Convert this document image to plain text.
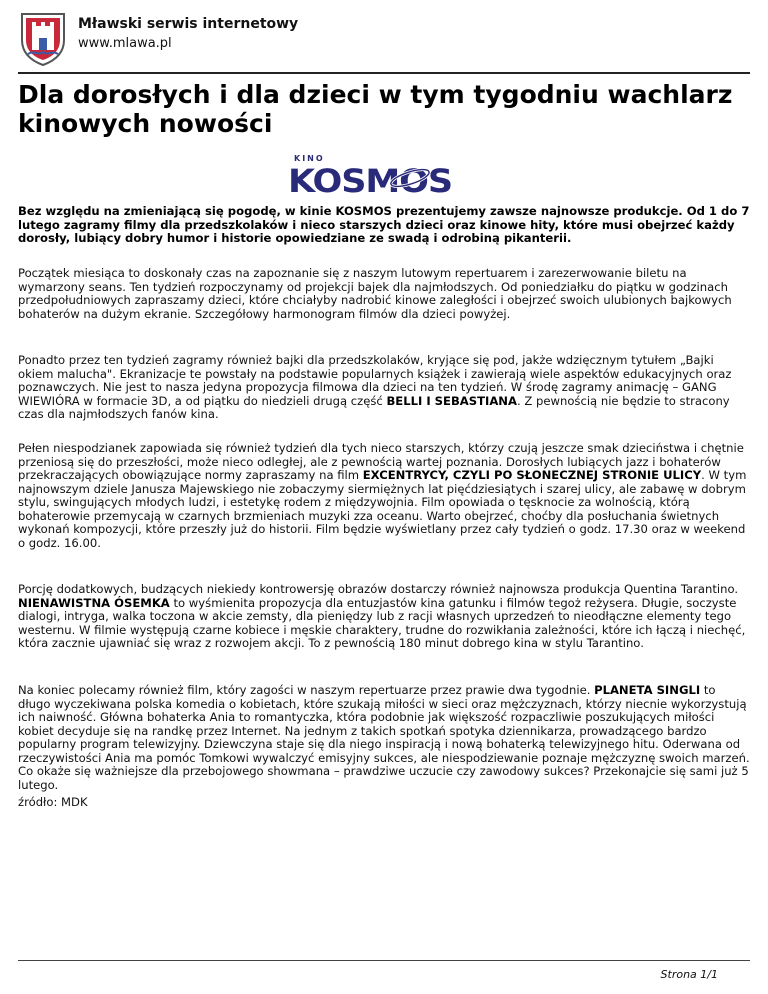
Mławski serwis internetowy
www.mlawa.pl
Dla dorosłych i dla dzieci w tym tygodniu wachlarz kinowych nowości
KINO
KOSMOS

Bez względu na zmieniającą się pogodę, w kinie KOSMOS prezentujemy zawsze najnowsze produkcje. Od 1 do 7 lutego zagramy filmy dla przedszkolaków i nieco starszych dzieci oraz kinowe hity, które musi obejrzeć każdy dorosły, lubiący dobry humor i historie opowiedziane ze swadą i odrobiną pikanterii.

Początek miesiąca to doskonały czas na zapoznanie się z naszym lutowym repertuarem i zarezerwowanie biletu na wymarzony seans. Ten tydzień rozpoczynamy od projekcji bajek dla najmłodszych. Od poniedziałku do piątku w godzinach przedpołudniowych zapraszamy dzieci, które chciałyby nadrobić kinowe zaległości i obejrzeć swoich ulubionych bajkowych bohaterów na dużym ekranie. Szczegółowy harmonogram filmów dla dzieci powyżej.

Ponadto przez ten tydzień zagramy również bajki dla przedszkolaków, kryjące się pod, jakże wdzięcznym tytułem „Bajki okiem malucha". Ekranizacje te powstały na podstawie popularnych książek i zawierają wiele aspektów edukacyjnych oraz poznawczych. Nie jest to nasza jedyna propozycja filmowa dla dzieci na ten tydzień. W środę zagramy animację – GANG WIEWIÓRA w formacie 3D, a od piątku do niedzieli drugą część BELLI I SEBASTIANA. Z pewnością nie będzie to stracony czas dla najmłodszych fanów kina.

Pełen niespodzianek zapowiada się również tydzień dla tych nieco starszych, którzy czują jeszcze smak dzieciństwa i chętnie przeniosą się do przeszłości, może nieco odległej, ale z pewnością wartej poznania. Dorosłych lubiących jazz i bohaterów przekraczających obowiązujące normy zapraszamy na film EXCENTRYCY, CZYLI PO SŁONECZNEJ STRONIE ULICY. W tym najnowszym dziele Janusza Majewskiego nie zobaczymy siermiężnych lat pięćdziesiątych i szarej ulicy, ale zabawę w dobrym stylu, swingujących młodych ludzi, i estetykę rodem z międzywojnia. Film opowiada o tęsknocie za wolnością, którą bohaterowie przemycają w czarnych brzmieniach muzyki zza oceanu. Warto obejrzeć, choćby dla posłuchania świetnych wykonań kompozycji, które przeszły już do historii. Film będzie wyświetlany przez cały tydzień o godz. 17.30 oraz w weekend o godz. 16.00.

Porcję dodatkowych, budzących niekiedy kontrowersję obrazów dostarczy również najnowsza produkcja Quentina Tarantino. NIENAWISTNA ÓSEMKA to wyśmienita propozycja dla entuzjastów kina gatunku i filmów tegoż reżysera. Długie, soczyste dialogi, intryga, walka toczona w akcie zemsty, dla pieniędzy lub z racji własnych uprzedzeń to nieodłączne elementy tego westernu. W filmie występują czarne kobiece i męskie charaktery, trudne do rozwikłania zależności, które ich łączą i niechęć, która zacznie ujawniać się wraz z rozwojem akcji. To z pewnością 180 minut dobrego kina w stylu Tarantino.

Na koniec polecamy również film, który zagości w naszym repertuarze przez prawie dwa tygodnie. PLANETA SINGLI to długo wyczekiwana polska komedia o kobietach, które szukają miłości w sieci oraz mężczyznach, którzy niecnie wykorzystują ich naiwność. Główna bohaterka Ania to romantyczka, która podobnie jak większość rozpaczliwie poszukujących miłości kobiet decyduje się na randkę przez Internet. Na jednym z takich spotkań spotyka dziennikarza, prowadzącego bardzo popularny program telewizyjny. Dziewczyna staje się dla niego inspiracją i nową bohaterką telewizyjnego hitu. Oderwana od rzeczywistości Ania ma pomóc Tomkowi wywalczyć emisyjny sukces, ale niespodziewanie poznaje mężczyznę swoich marzeń. Co okaże się ważniejsze dla przebojowego showmana – prawdziwe uczucie czy zawodowy sukces? Przekonajcie się sami już 5 lutego.

źródło: MDK

Strona 1/1
